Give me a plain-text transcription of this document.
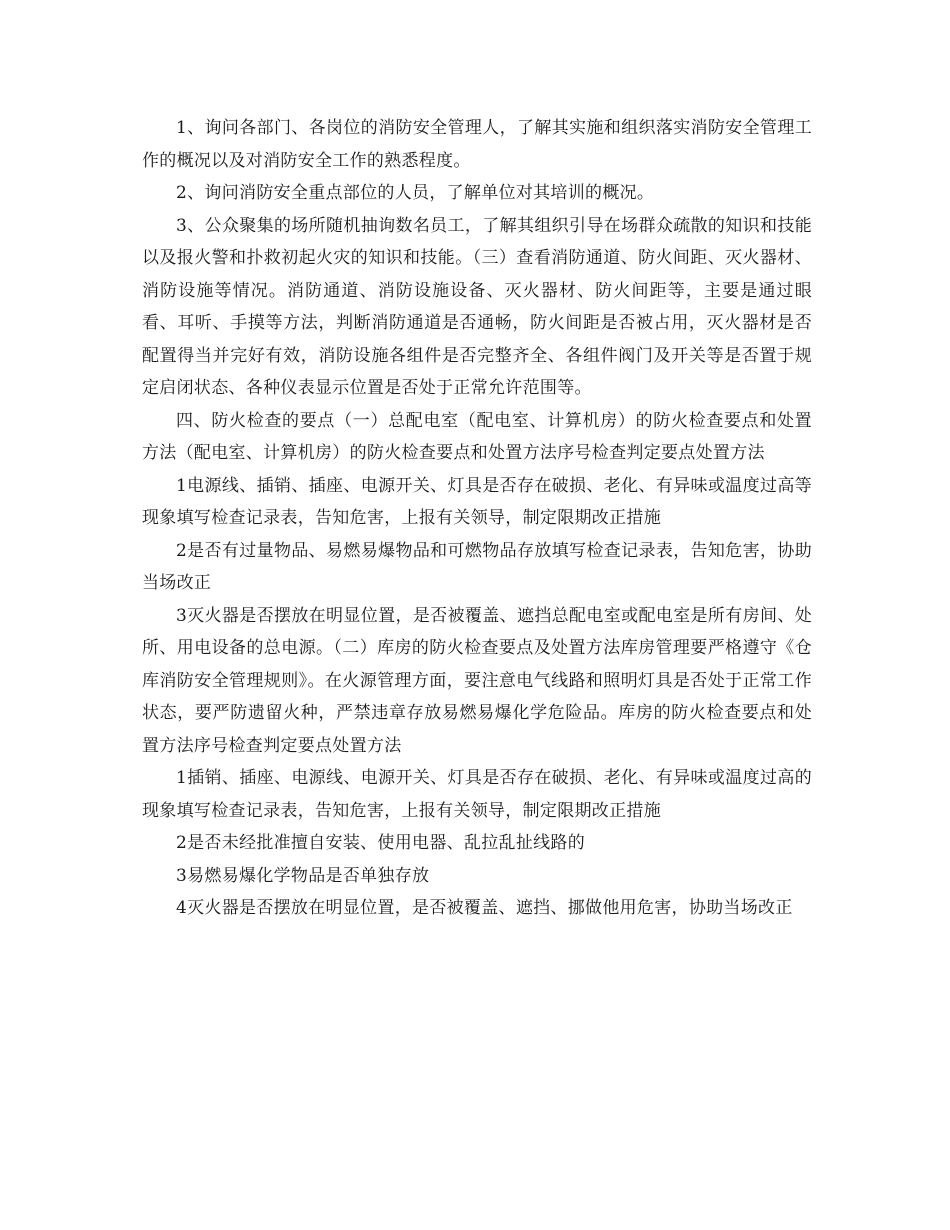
1、询问各部门、各岗位的消防安全管理人，了解其实施和组织落实消防安全管理工作的概况以及对消防安全工作的熟悉程度。

2、询问消防安全重点部位的人员，了解单位对其培训的概况。

3、公众聚集的场所随机抽询数名员工，了解其组织引导在场群众疏散的知识和技能以及报火警和扑救初起火灾的知识和技能。（三）查看消防通道、防火间距、灭火器材、消防设施等情况。消防通道、消防设施设备、灭火器材、防火间距等，主要是通过眼看、耳听、手摸等方法，判断消防通道是否通畅，防火间距是否被占用，灭火器材是否配置得当并完好有效，消防设施各组件是否完整齐全、各组件阀门及开关等是否置于规定启闭状态、各种仪表显示位置是否处于正常允许范围等。

四、防火检查的要点（一）总配电室（配电室、计算机房）的防火检查要点和处置方法（配电室、计算机房）的防火检查要点和处置方法序号检查判定要点处置方法

1电源线、插销、插座、电源开关、灯具是否存在破损、老化、有异味或温度过高等现象填写检查记录表，告知危害，上报有关领导，制定限期改正措施

2是否有过量物品、易燃易爆物品和可燃物品存放填写检查记录表，告知危害，协助当场改正

3灭火器是否摆放在明显位置，是否被覆盖、遮挡总配电室或配电室是所有房间、处所、用电设备的总电源。（二）库房的防火检查要点及处置方法库房管理要严格遵守《仓库消防安全管理规则》。在火源管理方面，要注意电气线路和照明灯具是否处于正常工作状态，要严防遗留火种，严禁违章存放易燃易爆化学危险品。库房的防火检查要点和处置方法序号检查判定要点处置方法

1插销、插座、电源线、电源开关、灯具是否存在破损、老化、有异味或温度过高的现象填写检查记录表，告知危害，上报有关领导，制定限期改正措施

2是否未经批准擅自安装、使用电器、乱拉乱扯线路的

3易燃易爆化学物品是否单独存放

4灭火器是否摆放在明显位置，是否被覆盖、遮挡、挪做他用危害，协助当场改正
